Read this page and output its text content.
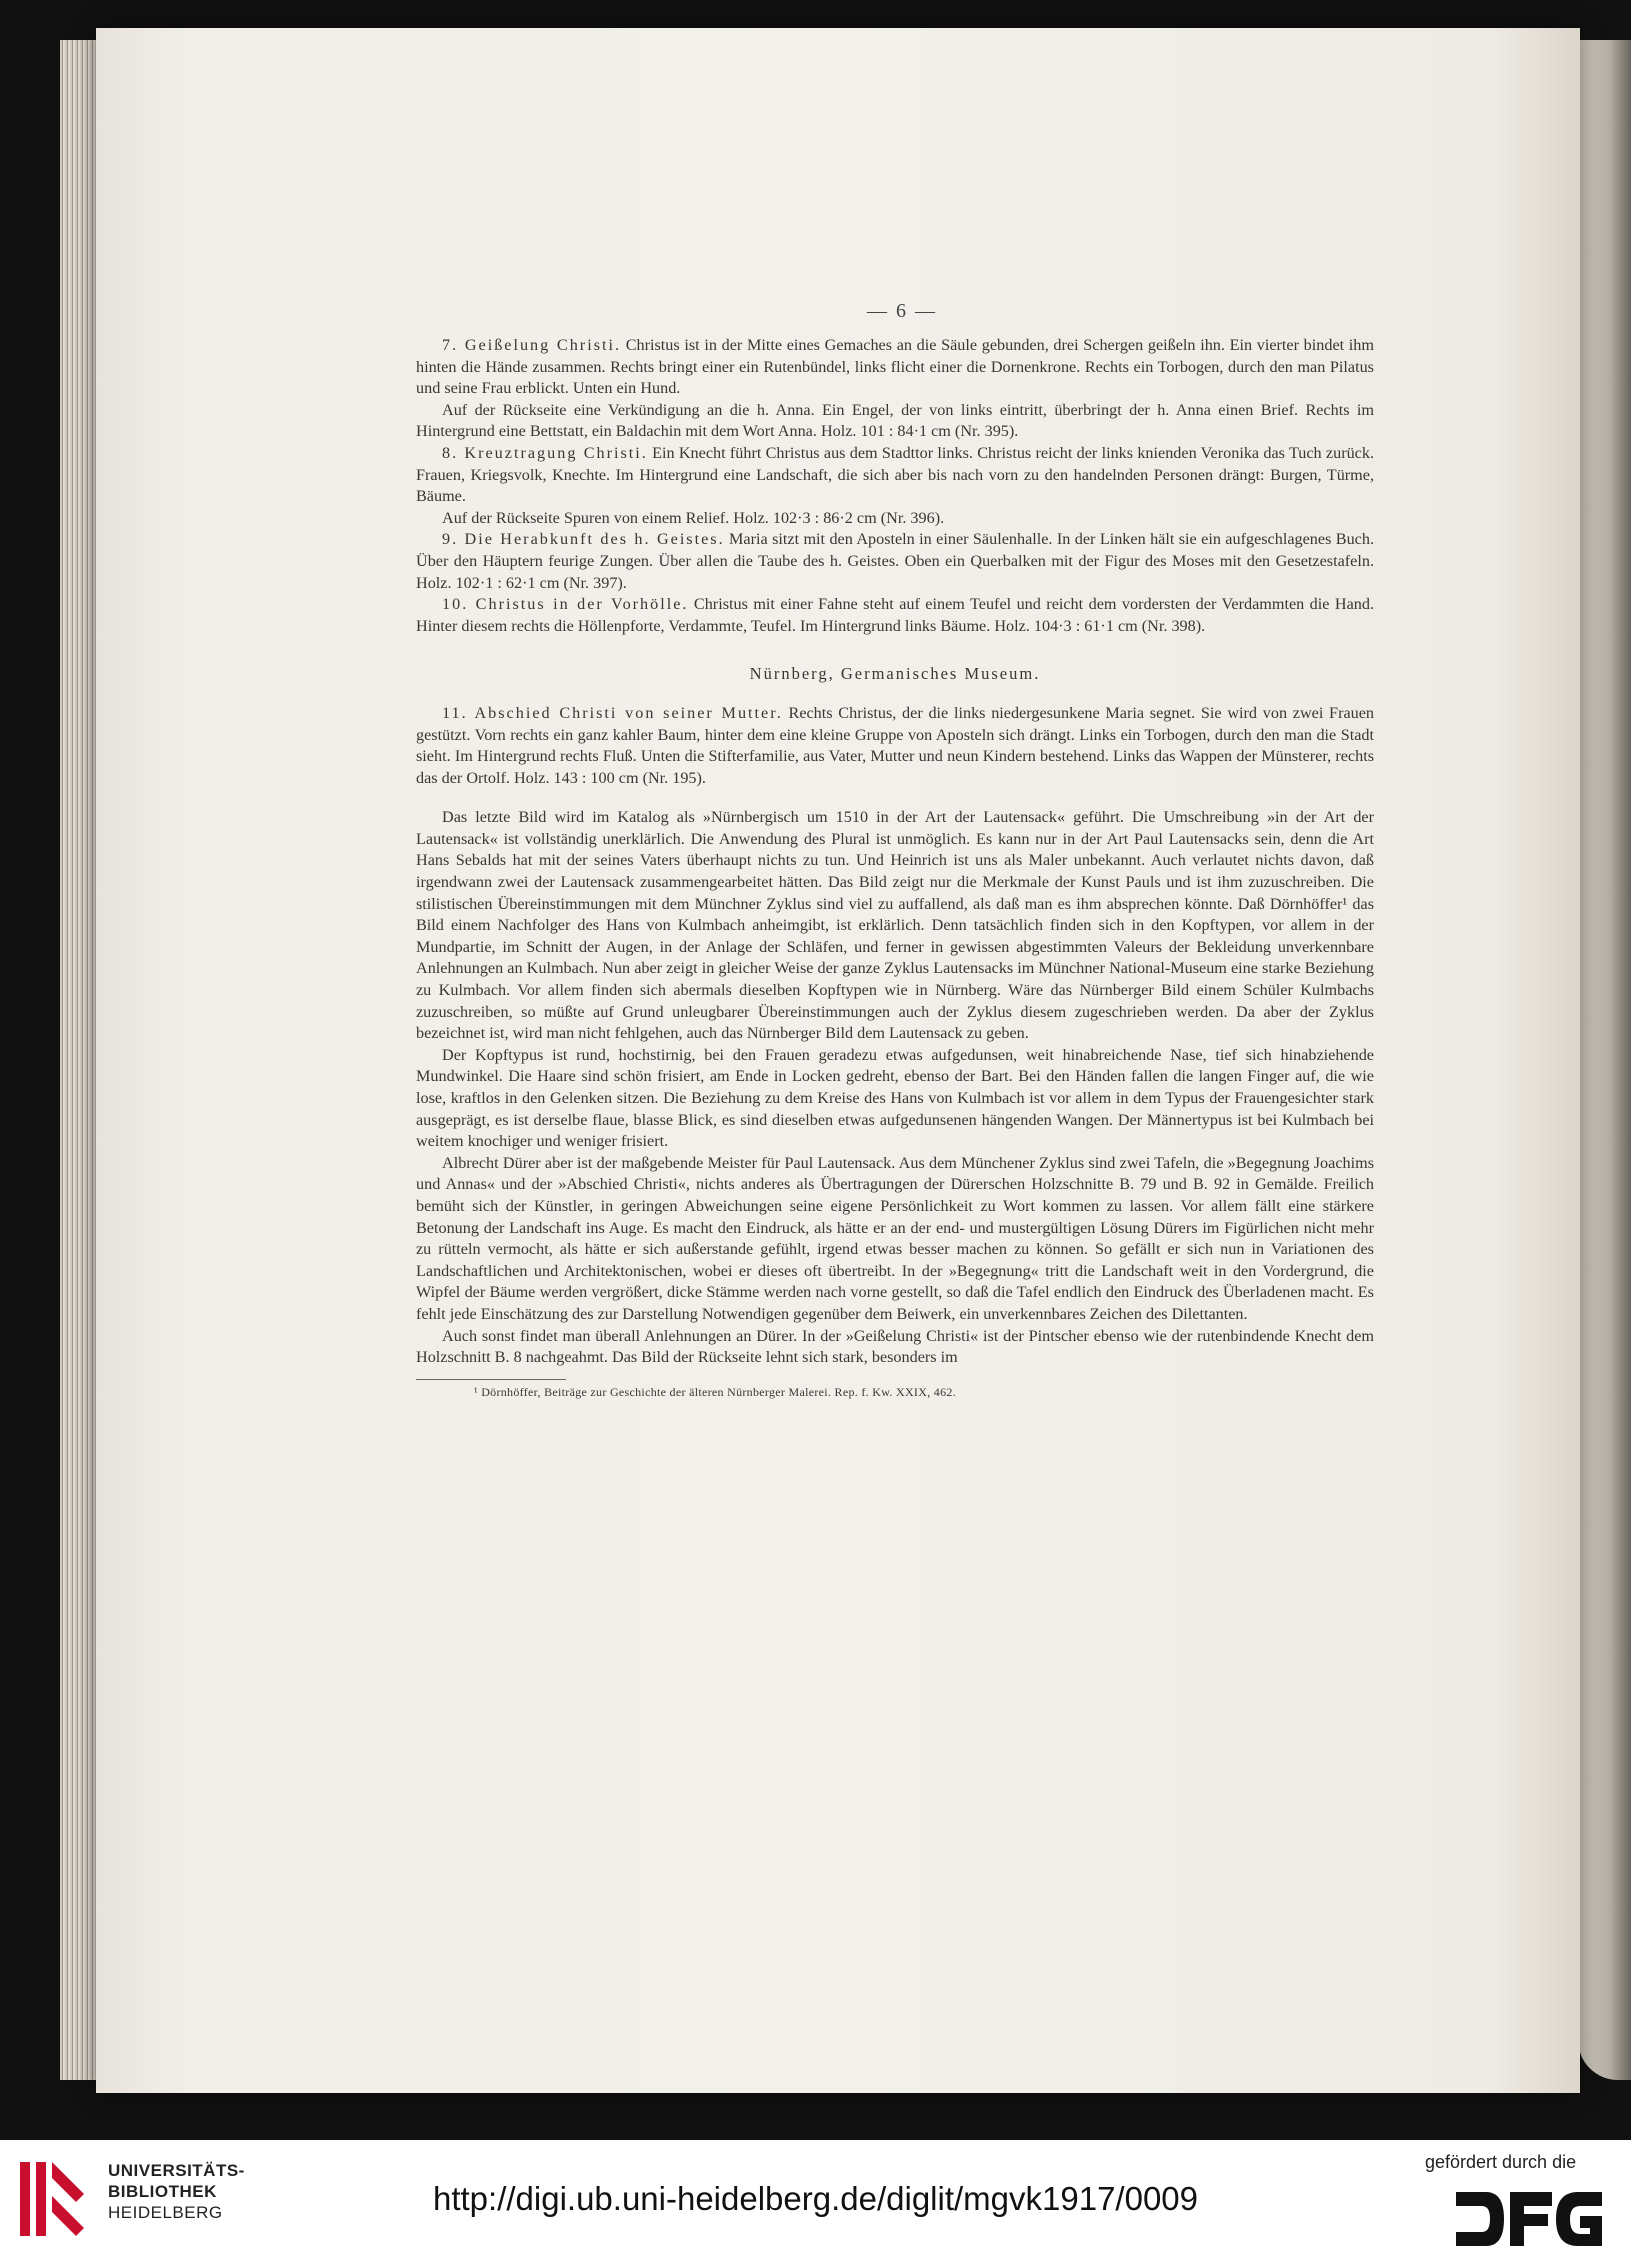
— 6 —

7. Geißelung Christi. Christus ist in der Mitte eines Gemaches an die Säule gebunden, drei Schergen geißeln ihn. Ein vierter bindet ihm hinten die Hände zusammen. Rechts bringt einer ein Rutenbündel, links flicht einer die Dornenkrone. Rechts ein Torbogen, durch den man Pilatus und seine Frau erblickt. Unten ein Hund.

Auf der Rückseite eine Verkündigung an die h. Anna. Ein Engel, der von links eintritt, überbringt der h. Anna einen Brief. Rechts im Hintergrund eine Bettstatt, ein Baldachin mit dem Wort Anna. Holz. 101 : 84·1 cm (Nr. 395).

8. Kreuztragung Christi. Ein Knecht führt Christus aus dem Stadttor links. Christus reicht der links knienden Veronika das Tuch zurück. Frauen, Kriegsvolk, Knechte. Im Hintergrund eine Landschaft, die sich aber bis nach vorn zu den handelnden Personen drängt: Burgen, Türme, Bäume.

Auf der Rückseite Spuren von einem Relief. Holz. 102·3 : 86·2 cm (Nr. 396).

9. Die Herabkunft des h. Geistes. Maria sitzt mit den Aposteln in einer Säulenhalle. In der Linken hält sie ein aufgeschlagenes Buch. Über den Häuptern feurige Zungen. Über allen die Taube des h. Geistes. Oben ein Querbalken mit der Figur des Moses mit den Gesetzestafeln. Holz. 102·1 : 62·1 cm (Nr. 397).

10. Christus in der Vorhölle. Christus mit einer Fahne steht auf einem Teufel und reicht dem vordersten der Verdammten die Hand. Hinter diesem rechts die Höllenpforte, Verdammte, Teufel. Im Hintergrund links Bäume. Holz. 104·3 : 61·1 cm (Nr. 398).

Nürnberg, Germanisches Museum.

11. Abschied Christi von seiner Mutter. Rechts Christus, der die links niedergesunkene Maria segnet. Sie wird von zwei Frauen gestützt. Vorn rechts ein ganz kahler Baum, hinter dem eine kleine Gruppe von Aposteln sich drängt. Links ein Torbogen, durch den man die Stadt sieht. Im Hintergrund rechts Fluß. Unten die Stifterfamilie, aus Vater, Mutter und neun Kindern bestehend. Links das Wappen der Münsterer, rechts das der Ortolf. Holz. 143 : 100 cm (Nr. 195).

Das letzte Bild wird im Katalog als »Nürnbergisch um 1510 in der Art der Lautensack« geführt. Die Umschreibung »in der Art der Lautensack« ist vollständig unerklärlich. Die Anwendung des Plural ist unmöglich. Es kann nur in der Art Paul Lautensacks sein, denn die Art Hans Sebalds hat mit der seines Vaters überhaupt nichts zu tun. Und Heinrich ist uns als Maler unbekannt. Auch verlautet nichts davon, daß irgendwann zwei der Lautensack zusammengearbeitet hätten. Das Bild zeigt nur die Merkmale der Kunst Pauls und ist ihm zuzuschreiben. Die stilistischen Übereinstimmungen mit dem Münchner Zyklus sind viel zu auffallend, als daß man es ihm absprechen könnte. Daß Dörnhöffer¹ das Bild einem Nachfolger des Hans von Kulmbach anheimgibt, ist erklärlich. Denn tatsächlich finden sich in den Kopftypen, vor allem in der Mundpartie, im Schnitt der Augen, in der Anlage der Schläfen, und ferner in gewissen abgestimmten Valeurs der Bekleidung unverkennbare Anlehnungen an Kulmbach. Nun aber zeigt in gleicher Weise der ganze Zyklus Lautensacks im Münchner National-Museum eine starke Beziehung zu Kulmbach. Vor allem finden sich abermals dieselben Kopftypen wie in Nürnberg. Wäre das Nürnberger Bild einem Schüler Kulmbachs zuzuschreiben, so müßte auf Grund unleugbarer Übereinstimmungen auch der Zyklus diesem zugeschrieben werden. Da aber der Zyklus bezeichnet ist, wird man nicht fehlgehen, auch das Nürnberger Bild dem Lautensack zu geben.

Der Kopftypus ist rund, hochstirnig, bei den Frauen geradezu etwas aufgedunsen, weit hinabreichende Nase, tief sich hinabziehende Mundwinkel. Die Haare sind schön frisiert, am Ende in Locken gedreht, ebenso der Bart. Bei den Händen fallen die langen Finger auf, die wie lose, kraftlos in den Gelenken sitzen. Die Beziehung zu dem Kreise des Hans von Kulmbach ist vor allem in dem Typus der Frauengesichter stark ausgeprägt, es ist derselbe flaue, blasse Blick, es sind dieselben etwas aufgedunsenen hängenden Wangen. Der Männertypus ist bei Kulmbach bei weitem knochiger und weniger frisiert.

Albrecht Dürer aber ist der maßgebende Meister für Paul Lautensack. Aus dem Münchener Zyklus sind zwei Tafeln, die »Begegnung Joachims und Annas« und der »Abschied Christi«, nichts anderes als Übertragungen der Dürerschen Holzschnitte B. 79 und B. 92 in Gemälde. Freilich bemüht sich der Künstler, in geringen Abweichungen seine eigene Persönlichkeit zu Wort kommen zu lassen. Vor allem fällt eine stärkere Betonung der Landschaft ins Auge. Es macht den Eindruck, als hätte er an der end- und mustergültigen Lösung Dürers im Figürlichen nicht mehr zu rütteln vermocht, als hätte er sich außerstande gefühlt, irgend etwas besser machen zu können. So gefällt er sich nun in Variationen des Landschaftlichen und Architektonischen, wobei er dieses oft übertreibt. In der »Begegnung« tritt die Landschaft weit in den Vordergrund, die Wipfel der Bäume werden vergrößert, dicke Stämme werden nach vorne gestellt, so daß die Tafel endlich den Eindruck des Überladenen macht. Es fehlt jede Einschätzung des zur Darstellung Notwendigen gegenüber dem Beiwerk, ein unverkennbares Zeichen des Dilettanten.

Auch sonst findet man überall Anlehnungen an Dürer. In der »Geißelung Christi« ist der Pintscher ebenso wie der rutenbindende Knecht dem Holzschnitt B. 8 nachgeahmt. Das Bild der Rückseite lehnt sich stark, besonders im

¹ Dörnhöffer, Beiträge zur Geschichte der älteren Nürnberger Malerei. Rep. f. Kw. XXIX, 462.
UNIVERSITÄTS-
BIBLIOTHEK
HEIDELBERG	http://digi.ub.uni-heidelberg.de/diglit/mgvk1917/0009
gefördert durch die
